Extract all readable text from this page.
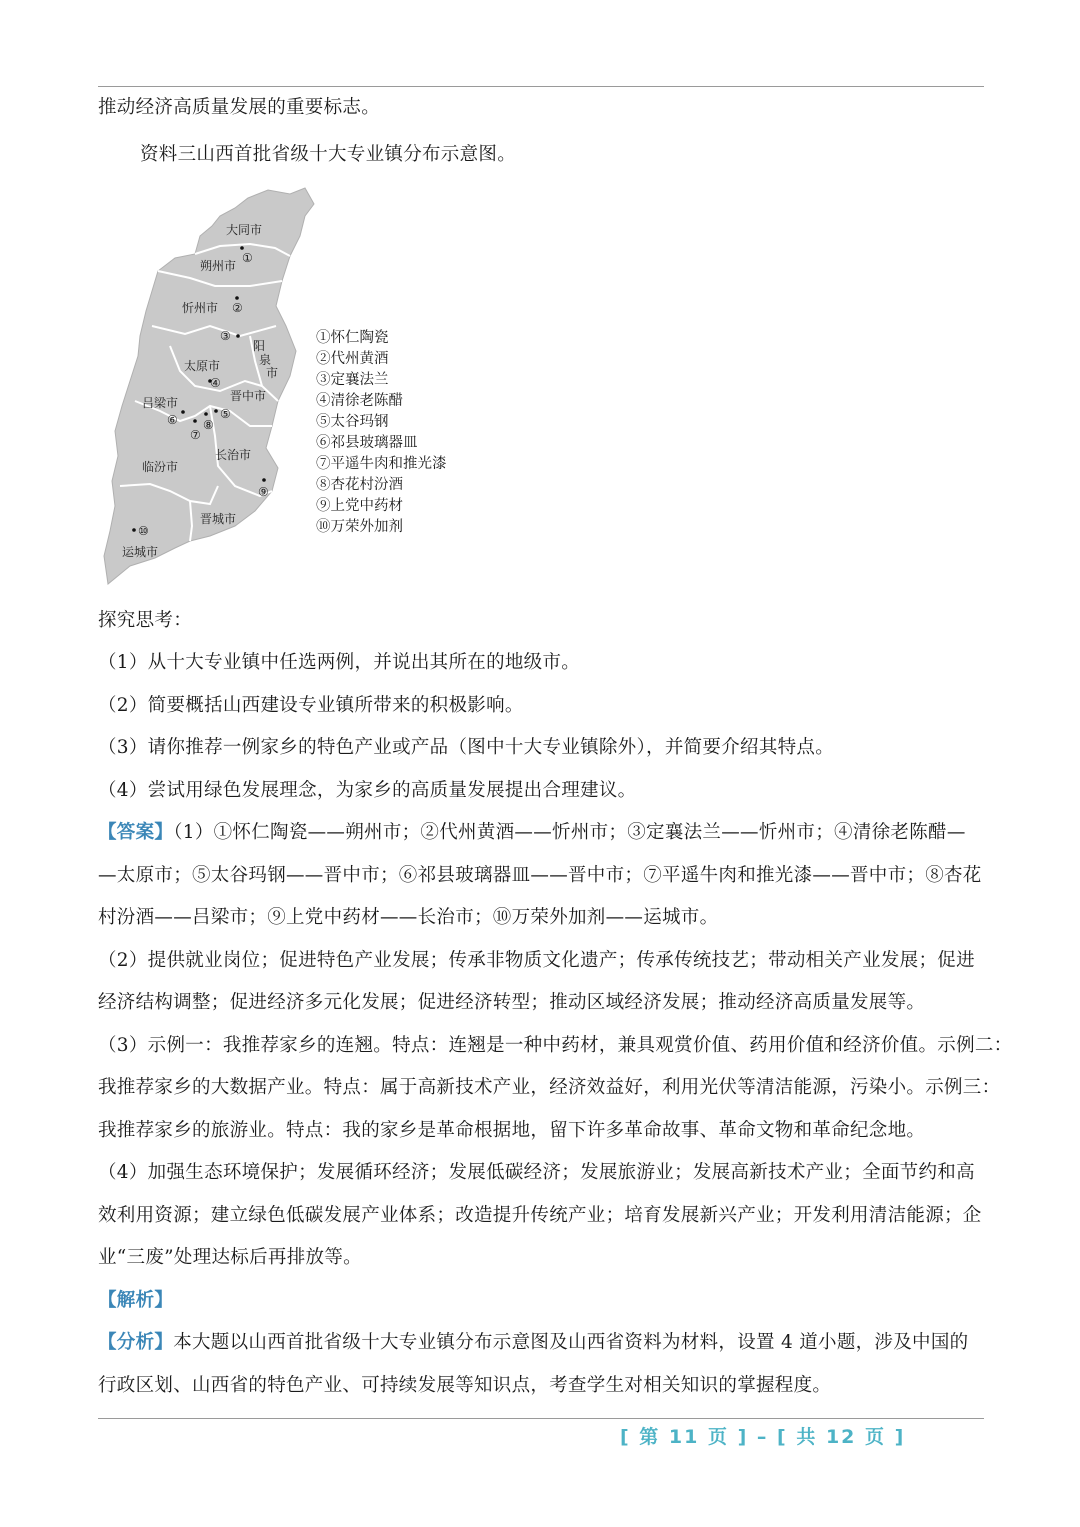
推动经济高质量发展的重要标志。
资料三山西首批省级十大专业镇分布示意图。
大同市
朔州市
忻州市
阳
泉
市
太原市
晋中市
吕梁市
临汾市
长治市
晋城市
运城市
①
②
③
④
⑤
⑥
⑦
⑧
⑨
⑩
①怀仁陶瓷
②代州黄酒
③定襄法兰
④清徐老陈醋
⑤太谷玛钢
⑥祁县玻璃器皿
⑦平遥牛肉和推光漆
⑧杏花村汾酒
⑨上党中药材
⑩万荣外加剂
探究思考：
（1）从十大专业镇中任选两例，并说出其所在的地级市。
（2）简要概括山西建设专业镇所带来的积极影响。
（3）请你推荐一例家乡的特色产业或产品（图中十大专业镇除外），并简要介绍其特点。
（4）尝试用绿色发展理念，为家乡的高质量发展提出合理建议。
【答案】（1）①怀仁陶瓷——朔州市；②代州黄酒——忻州市；③定襄法兰——忻州市；④清徐老陈醋—
—太原市；⑤太谷玛钢——晋中市；⑥祁县玻璃器皿——晋中市；⑦平遥牛肉和推光漆——晋中市；⑧杏花
村汾酒——吕梁市；⑨上党中药材——长治市；⑩万荣外加剂——运城市。
（2）提供就业岗位；促进特色产业发展；传承非物质文化遗产；传承传统技艺；带动相关产业发展；促进
经济结构调整；促进经济多元化发展；促进经济转型；推动区域经济发展；推动经济高质量发展等。
（3）示例一：我推荐家乡的连翘。特点：连翘是一种中药材，兼具观赏价值、药用价值和经济价值。示例二：
我推荐家乡的大数据产业。特点：属于高新技术产业，经济效益好，利用光伏等清洁能源，污染小。示例三：
我推荐家乡的旅游业。特点：我的家乡是革命根据地，留下许多革命故事、革命文物和革命纪念地。
（4）加强生态环境保护；发展循环经济；发展低碳经济；发展旅游业；发展高新技术产业；全面节约和高
效利用资源；建立绿色低碳发展产业体系；改造提升传统产业；培育发展新兴产业；开发利用清洁能源；企
业“三废”处理达标后再排放等。
【解析】
【分析】本大题以山西首批省级十大专业镇分布示意图及山西省资料为材料，设置 4 道小题，涉及中国的
行政区划、山西省的特色产业、可持续发展等知识点，考查学生对相关知识的掌握程度。
[ 第 11 页 ] – [ 共 12 页 ]
